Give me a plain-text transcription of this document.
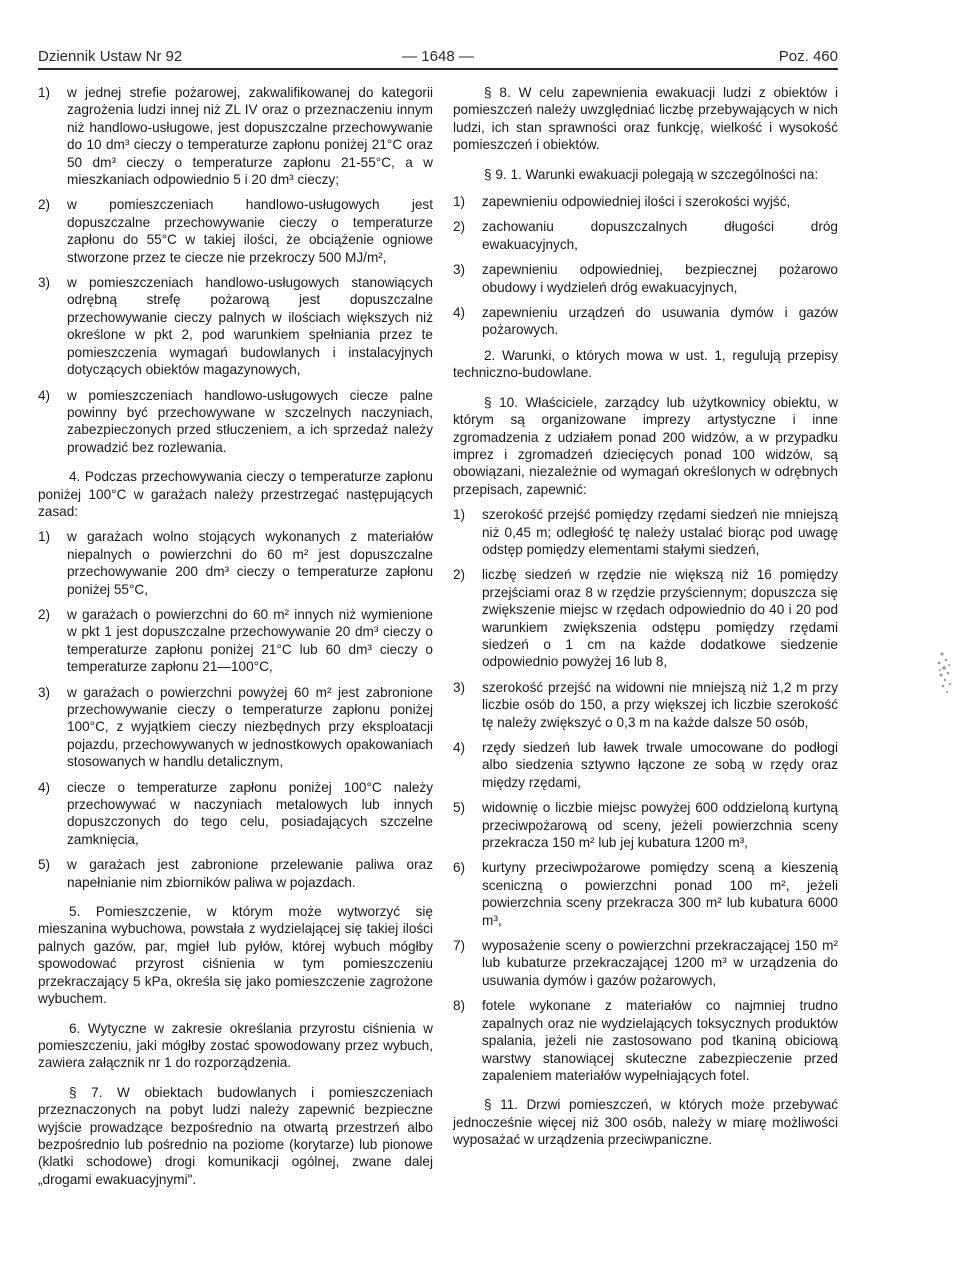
Dziennik Ustaw Nr 92	— 1648 —	Poz. 460
1)	w jednej strefie pożarowej, zakwalifikowanej do kategorii zagrożenia ludzi innej niż ZL IV oraz o przeznaczeniu innym niż handlowo-usługowe, jest dopuszczalne przechowywanie do 10 dm³ cieczy o temperaturze zapłonu poniżej 21°C oraz 50 dm³ cieczy o temperaturze zapłonu 21-55°C, a w mieszkaniach odpowiednio 5 i 20 dm³ cieczy;
2)	w pomieszczeniach handlowo-usługowych jest dopuszczalne przechowywanie cieczy o temperaturze zapłonu do 55°C w takiej ilości, że obciążenie ogniowe stworzone przez te ciecze nie przekroczy 500 MJ/m²,
3)	w pomieszczeniach handlowo-usługowych stanowiących odrębną strefę pożarową jest dopuszczalne przechowywanie cieczy palnych w ilościach większych niż określone w pkt 2, pod warunkiem spełniania przez te pomieszczenia wymagań budowlanych i instalacyjnych dotyczących obiektów magazynowych,
4)	w pomieszczeniach handlowo-usługowych ciecze palne powinny być przechowywane w szczelnych naczyniach, zabezpieczonych przed stłuczeniem, a ich sprzedaż należy prowadzić bez rozlewania.

4. Podczas przechowywania cieczy o temperaturze zapłonu poniżej 100°C w garażach należy przestrzegać następujących zasad:

1)	w garażach wolno stojących wykonanych z materiałów niepalnych o powierzchni do 60 m² jest dopuszczalne przechowywanie 200 dm³ cieczy o temperaturze zapłonu poniżej 55°C,
2)	w garażach o powierzchni do 60 m² innych niż wymienione w pkt 1 jest dopuszczalne przechowywanie 20 dm³ cieczy o temperaturze zapłonu poniżej 21°C lub 60 dm³ cieczy o temperaturze zapłonu 21—100°C,
3)	w garażach o powierzchni powyżej 60 m² jest zabronione przechowywanie cieczy o temperaturze zapłonu poniżej 100°C, z wyjątkiem cieczy niezbędnych przy eksploatacji pojazdu, przechowywanych w jednostkowych opakowaniach stosowanych w handlu detalicznym,
4)	ciecze o temperaturze zapłonu poniżej 100°C należy przechowywać w naczyniach metalowych lub innych dopuszczonych do tego celu, posiadających szczelne zamknięcia,
5)	w garażach jest zabronione przelewanie paliwa oraz napełnianie nim zbiorników paliwa w pojazdach.

5. Pomieszczenie, w którym może wytworzyć się mieszanina wybuchowa, powstała z wydzielającej się takiej ilości palnych gazów, par, mgieł lub pyłów, której wybuch mógłby spowodować przyrost ciśnienia w tym pomieszczeniu przekraczający 5 kPa, określa się jako pomieszczenie zagrożone wybuchem.

6. Wytyczne w zakresie określania przyrostu ciśnienia w pomieszczeniu, jaki mógłby zostać spowodowany przez wybuch, zawiera załącznik nr 1 do rozporządzenia.

§ 7. W obiektach budowlanych i pomieszczeniach przeznaczonych na pobyt ludzi należy zapewnić bezpieczne wyjście prowadzące bezpośrednio na otwartą przestrzeń albo bezpośrednio lub pośrednio na poziome (korytarze) lub pionowe (klatki schodowe) drogi komunikacji ogólnej, zwane dalej „drogami ewakuacyjnymi".

§ 8. W celu zapewnienia ewakuacji ludzi z obiektów i pomieszczeń należy uwzględniać liczbę przebywających w nich ludzi, ich stan sprawności oraz funkcję, wielkość i wysokość pomieszczeń i obiektów.

§ 9. 1. Warunki ewakuacji polegają w szczególności na:

1)	zapewnieniu odpowiedniej ilości i szerokości wyjść,
2)	zachowaniu dopuszczalnych długości dróg ewakuacyjnych,
3)	zapewnieniu odpowiedniej, bezpiecznej pożarowo obudowy i wydzieleń dróg ewakuacyjnych,
4)	zapewnieniu urządzeń do usuwania dymów i gazów pożarowych.

2. Warunki, o których mowa w ust. 1, regulują przepisy techniczno-budowlane.

§ 10. Właściciele, zarządcy lub użytkownicy obiektu, w którym są organizowane imprezy artystyczne i inne zgromadzenia z udziałem ponad 200 widzów, a w przypadku imprez i zgromadzeń dziecięcych ponad 100 widzów, są obowiązani, niezależnie od wymagań określonych w odrębnych przepisach, zapewnić:

1)	szerokość przejść pomiędzy rzędami siedzeń nie mniejszą niż 0,45 m; odległość tę należy ustalać biorąc pod uwagę odstęp pomiędzy elementami stałymi siedzeń,
2)	liczbę siedzeń w rzędzie nie większą niż 16 pomiędzy przejściami oraz 8 w rzędzie przyściennym; dopuszcza się zwiększenie miejsc w rzędach odpowiednio do 40 i 20 pod warunkiem zwiększenia odstępu pomiędzy rzędami siedzeń o 1 cm na każde dodatkowe siedzenie odpowiednio powyżej 16 lub 8,
3)	szerokość przejść na widowni nie mniejszą niż 1,2 m przy liczbie osób do 150, a przy większej ich liczbie szerokość tę należy zwiększyć o 0,3 m na każde dalsze 50 osób,
4)	rzędy siedzeń lub ławek trwale umocowane do podłogi albo siedzenia sztywno łączone ze sobą w rzędy oraz między rzędami,
5)	widownię o liczbie miejsc powyżej 600 oddzieloną kurtyną przeciwpożarową od sceny, jeżeli powierzchnia sceny przekracza 150 m² lub jej kubatura 1200 m³,
6)	kurtyny przeciwpożarowe pomiędzy sceną a kieszenią sceniczną o powierzchni ponad 100 m², jeżeli powierzchnia sceny przekracza 300 m² lub kubatura 6000 m³,
7)	wyposażenie sceny o powierzchni przekraczającej 150 m² lub kubaturze przekraczającej 1200 m³ w urządzenia do usuwania dymów i gazów pożarowych,
8)	fotele wykonane z materiałów co najmniej trudno zapalnych oraz nie wydzielających toksycznych produktów spalania, jeżeli nie zastosowano pod tkaniną obiciową warstwy stanowiącej skuteczne zabezpieczenie przed zapaleniem materiałów wypełniających fotel.

§ 11. Drzwi pomieszczeń, w których może przebywać jednocześnie więcej niż 300 osób, należy w miarę możliwości wyposażać w urządzenia przeciwpaniczne.
